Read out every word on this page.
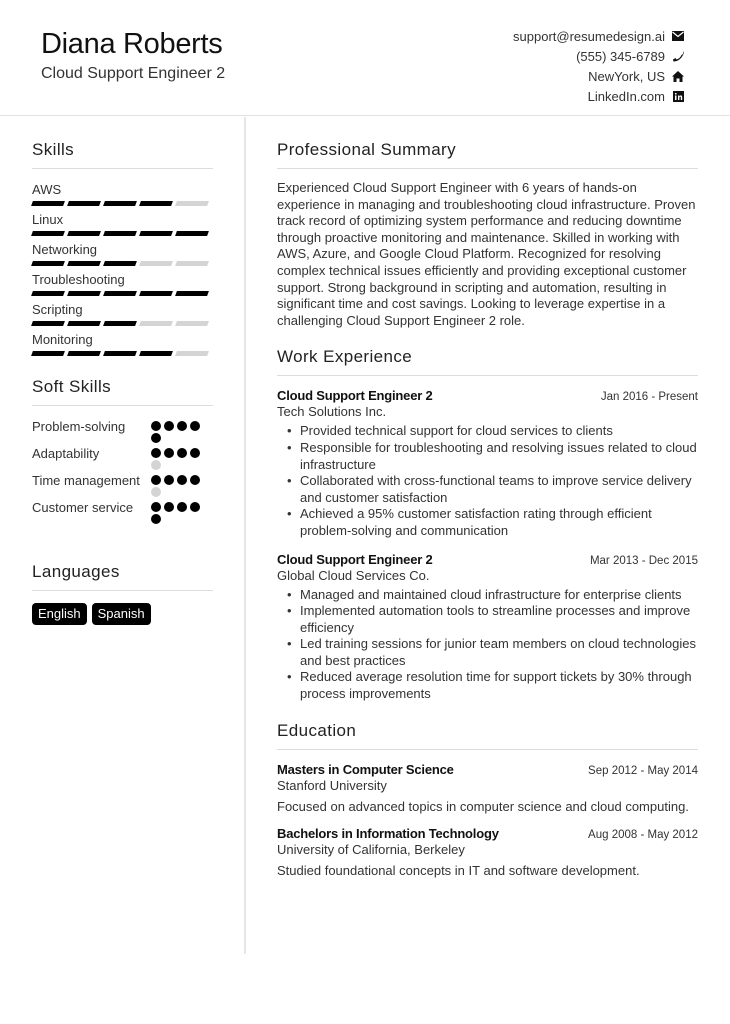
Diana Roberts
Cloud Support Engineer 2
support@resumedesign.ai
(555) 345-6789
NewYork, US
LinkedIn.com
Skills
AWS
Linux
Networking
Troubleshooting
Scripting
Monitoring
Soft Skills
Problem-solving
Adaptability
Time management
Customer service
Languages
English	Spanish
Professional Summary
Experienced Cloud Support Engineer with 6 years of hands-on experience in managing and troubleshooting cloud infrastructure. Proven track record of optimizing system performance and reducing downtime through proactive monitoring and maintenance. Skilled in working with AWS, Azure, and Google Cloud Platform. Recognized for resolving complex technical issues efficiently and providing exceptional customer support. Strong background in scripting and automation, resulting in significant time and cost savings. Looking to leverage expertise in a challenging Cloud Support Engineer 2 role.
Work Experience
Cloud Support Engineer 2	Jan 2016 - Present
Tech Solutions Inc.
• Provided technical support for cloud services to clients
• Responsible for troubleshooting and resolving issues related to cloud infrastructure
• Collaborated with cross-functional teams to improve service delivery and customer satisfaction
• Achieved a 95% customer satisfaction rating through efficient problem-solving and communication
Cloud Support Engineer 2	Mar 2013 - Dec 2015
Global Cloud Services Co.
• Managed and maintained cloud infrastructure for enterprise clients
• Implemented automation tools to streamline processes and improve efficiency
• Led training sessions for junior team members on cloud technologies and best practices
• Reduced average resolution time for support tickets by 30% through process improvements
Education
Masters in Computer Science	Sep 2012 - May 2014
Stanford University
Focused on advanced topics in computer science and cloud computing.
Bachelors in Information Technology	Aug 2008 - May 2012
University of California, Berkeley
Studied foundational concepts in IT and software development.
